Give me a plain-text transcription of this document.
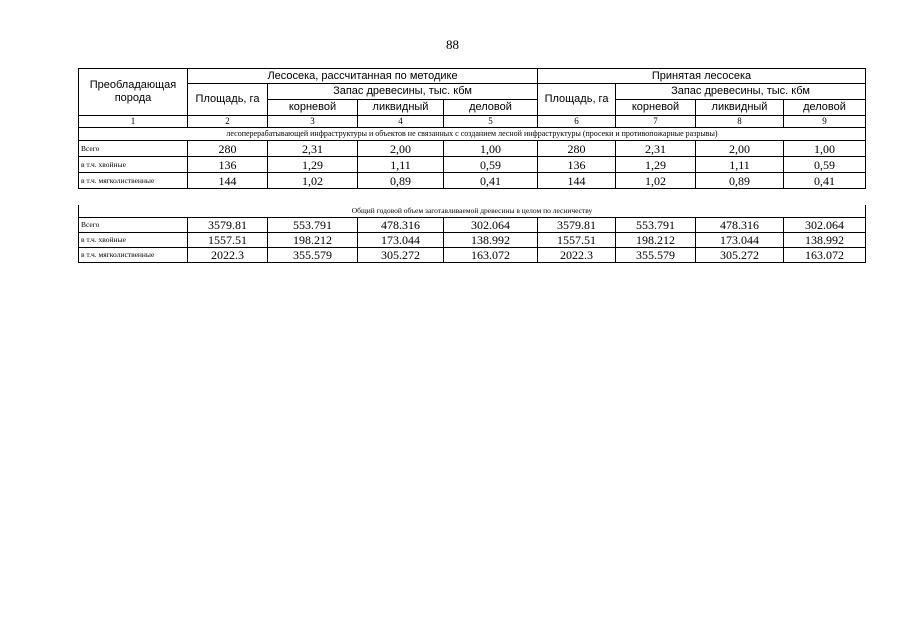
88
Преобладающая порода	Лесосека, рассчитанная по методике				Принятая лесосека			
	Площадь, га	Запас древесины, тыс. кбм			Площадь, га	Запас древесины, тыс. кбм		
		корневой	ликвидный	деловой		корневой	ликвидный	деловой
1	2	3	4	5	6	7	8	9
лесоперерабатывающей инфраструктуры и объектов не связанных с созданием лесной инфраструктуры (просеки и противопожарные разрывы)								
Всего	280	2,31	2,00	1,00	280	2,31	2,00	1,00
в т.ч. хвойные	136	1,29	1,11	0,59	136	1,29	1,11	0,59
в т.ч. мягколиственные	144	1,02	0,89	0,41	144	1,02	0,89	0,41
Общий годовой объем заготавливаемой древесины в целом по лесничеству								
Всего	3579.81	553.791	478.316	302.064	3579.81	553.791	478.316	302.064
в т.ч. хвойные	1557.51	198.212	173.044	138.992	1557.51	198.212	173.044	138.992
в т.ч. мягколиственные	2022.3	355.579	305.272	163.072	2022.3	355.579	305.272	163.072
